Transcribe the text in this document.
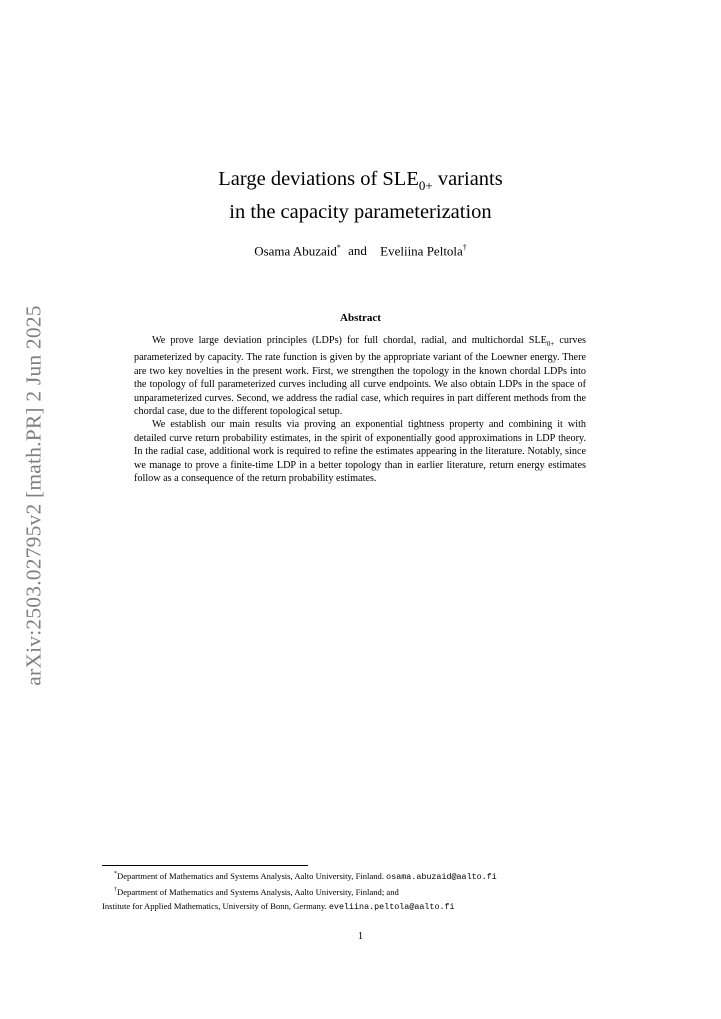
arXiv:2503.02795v2 [math.PR] 2 Jun 2025

Large deviations of $SLE_{0+}$ variants

in the capacity parameterization

Osama Abuzaid* and Eveliina Peltola†
Abstract

We prove large deviation principles (LDPs) for full chordal, radial, and multichordal $SLE_{0+}$ curves parameterized by capacity. The rate function is given by the appropriate variant of the Loewner energy. There are two key novelties in the present work. First, we strengthen the topology in the known chordal LDPs into the topology of full parameterized curves including all curve endpoints. We also obtain LDPs in the space of unparameterized curves. Second, we address the radial case, which requires in part different methods from the chordal case, due to the different topological setup.

We establish our main results via proving an exponential tightness property and combining it with detailed curve return probability estimates, in the spirit of exponentially good approximations in LDP theory. In the radial case, additional work is required to refine the estimates appearing in the literature. Notably, since we manage to prove a finite-time LDP in a better topology than in earlier literature, return energy estimates follow as a consequence of the return probability estimates.

*Department of Mathematics and Systems Analysis, Aalto University, Finland. osama.abuzaid@aalto.fi
†Department of Mathematics and Systems Analysis, Aalto University, Finland; and
Institute for Applied Mathematics, University of Bonn, Germany. eveliina.peltola@aalto.fi
1
